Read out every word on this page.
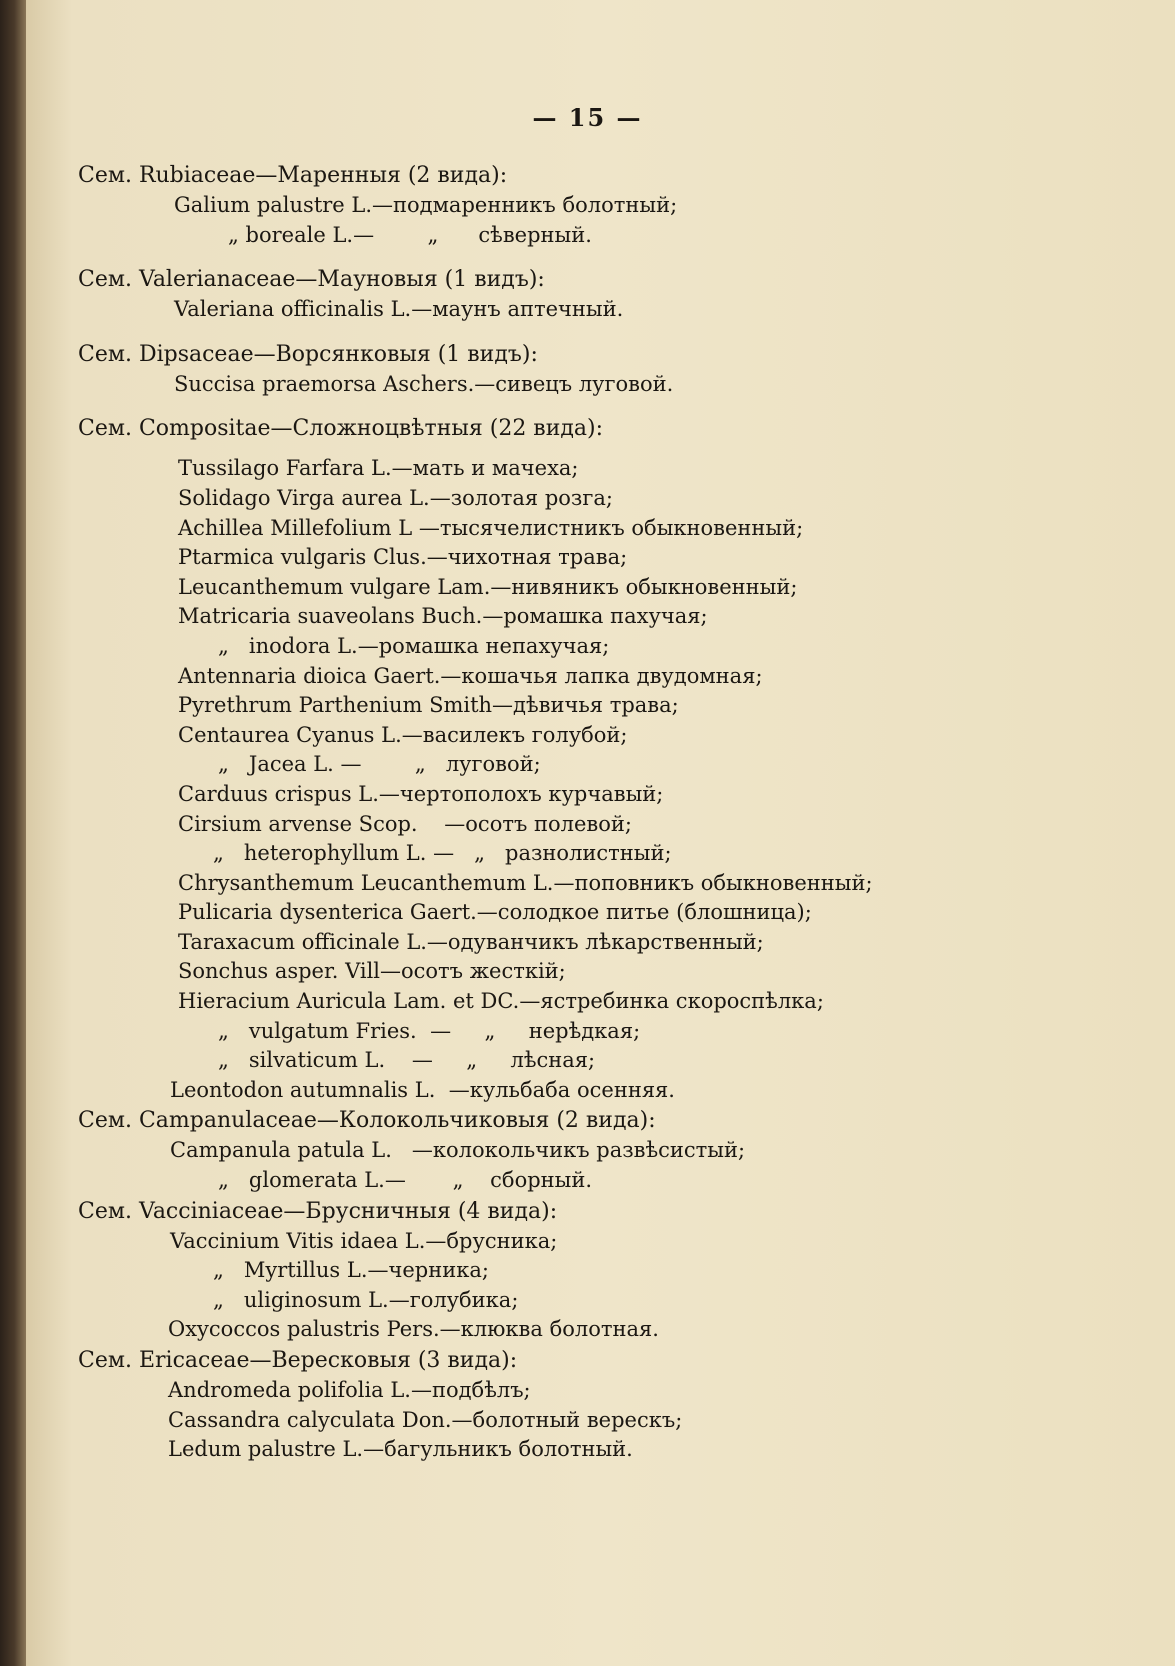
— 15 —

Сем. Rubiaceae—Маренныя (2 вида):

Galium palustre L.—подмаренникъ болотный;

„ boreale L.—        „      сѣверный.

Сем. Valerianaceae—Мауновыя (1 видъ):

Valeriana officinalis L.—маунъ аптечный.

Сем. Dipsaceae—Ворсянковыя (1 видъ):

Succisa praemorsa Aschers.—сивецъ луговой.

Сем. Compositae—Сложноцвѣтныя (22 вида):

Tussilago Farfara L.—мать и мачеха;

Solidago Virga aurea L.—золотая розга;

Achillea Millefolium L —тысячелистникъ обыкновенный;

Ptarmica vulgaris Clus.—чихотная трава;

Leucanthemum vulgare Lam.—нивяникъ обыкновенный;

Matricaria suaveolans Buch.—ромашка пахучая;

„   inodora L.—ромашка непахучая;

Antennaria dioica Gaert.—кошачья лапка двудомная;

Pyrethrum Parthenium Smith—дѣвичья трава;

Centaurea Cyanus L.—василекъ голубой;

„   Jacea L. —        „   луговой;

Carduus crispus L.—чертополохъ курчавый;

Cirsium arvense Scop.    —осотъ полевой;

„   heterophyllum L. —   „   разнолистный;

Chrysanthemum Leucanthemum L.—поповникъ обыкновенный;

Pulicaria dysenterica Gaert.—солодкое питье (блошница);

Taraxacum officinale L.—одуванчикъ лѣкарственный;

Sonchus asper. Vill—осотъ жесткій;

Hieracium Auricula Lam. et DC.—ястребинка скороспѣлка;

„   vulgatum Fries.  —     „     нерѣдкая;

„   silvaticum L.    —     „     лѣсная;

Leontodon autumnalis L.  —кульбаба осенняя.

Сем. Campanulaceae—Колокольчиковыя (2 вида):

Campanula patula L.   —колокольчикъ развѣсистый;

„   glomerata L.—       „    сборный.

Сем. Vacciniaceae—Брусничныя (4 вида):

Vaccinium Vitis idaea L.—брусника;

„   Myrtillus L.—черника;

„   uliginosum L.—голубика;

Oxycoccos palustris Pers.—клюква болотная.

Сем. Ericaceae—Вересковыя (3 вида):

Andromeda polifolia L.—подбѣлъ;

Cassandra calyculata Don.—болотный верескъ;

Ledum palustre L.—багульникъ болотный.
